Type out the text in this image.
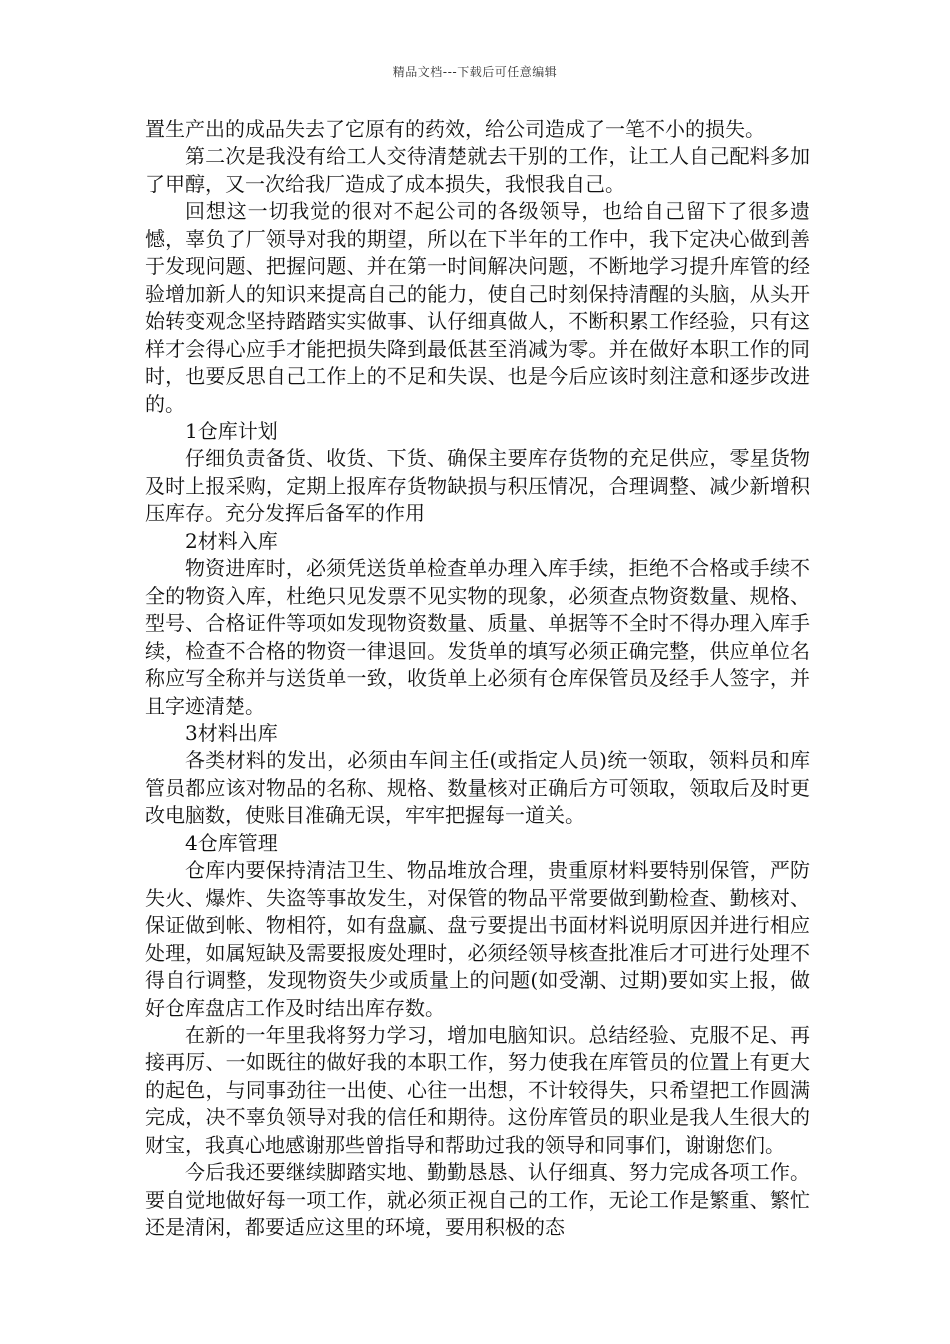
精品文档---下载后可任意编辑

置生产出的成品失去了它原有的药效，给公司造成了一笔不小的损失。

第二次是我没有给工人交待清楚就去干别的工作，让工人自己配料多加了甲醇，又一次给我厂造成了成本损失，我恨我自己。

回想这一切我觉的很对不起公司的各级领导，也给自己留下了很多遗憾，辜负了厂领导对我的期望，所以在下半年的工作中，我下定决心做到善于发现问题、把握问题、并在第一时间解决问题，不断地学习提升库管的经验增加新人的知识来提高自己的能力，使自己时刻保持清醒的头脑，从头开始转变观念坚持踏踏实实做事、认仔细真做人，不断积累工作经验，只有这样才会得心应手才能把损失降到最低甚至消减为零。并在做好本职工作的同时，也要反思自己工作上的不足和失误、也是今后应该时刻注意和逐步改进的。

1仓库计划

仔细负责备货、收货、下货、确保主要库存货物的充足供应，零星货物及时上报采购，定期上报库存货物缺损与积压情况，合理调整、减少新增积压库存。充分发挥后备军的作用

2材料入库

物资进库时，必须凭送货单检查单办理入库手续，拒绝不合格或手续不全的物资入库，杜绝只见发票不见实物的现象，必须查点物资数量、规格、型号、合格证件等项如发现物资数量、质量、单据等不全时不得办理入库手续，检查不合格的物资一律退回。发货单的填写必须正确完整，供应单位名称应写全称并与送货单一致，收货单上必须有仓库保管员及经手人签字，并且字迹清楚。

3材料出库

各类材料的发出，必须由车间主任(或指定人员)统一领取，领料员和库管员都应该对物品的名称、规格、数量核对正确后方可领取，领取后及时更改电脑数，使账目准确无误，牢牢把握每一道关。

4仓库管理

仓库内要保持清洁卫生、物品堆放合理，贵重原材料要特别保管，严防失火、爆炸、失盗等事故发生，对保管的物品平常要做到勤检查、勤核对、保证做到帐、物相符，如有盘赢、盘亏要提出书面材料说明原因并进行相应处理，如属短缺及需要报废处理时，必须经领导核查批准后才可进行处理不得自行调整，发现物资失少或质量上的问题(如受潮、过期)要如实上报，做好仓库盘店工作及时结出库存数。

在新的一年里我将努力学习，增加电脑知识。总结经验、克服不足、再接再厉、一如既往的做好我的本职工作，努力使我在库管员的位置上有更大的起色，与同事劲往一出使、心往一出想，不计较得失，只希望把工作圆满完成，决不辜负领导对我的信任和期待。这份库管员的职业是我人生很大的财宝，我真心地感谢那些曾指导和帮助过我的领导和同事们，谢谢您们。

今后我还要继续脚踏实地、勤勤恳恳、认仔细真、努力完成各项工作。要自觉地做好每一项工作，就必须正视自己的工作，无论工作是繁重、繁忙还是清闲，都要适应这里的环境，要用积极的态
